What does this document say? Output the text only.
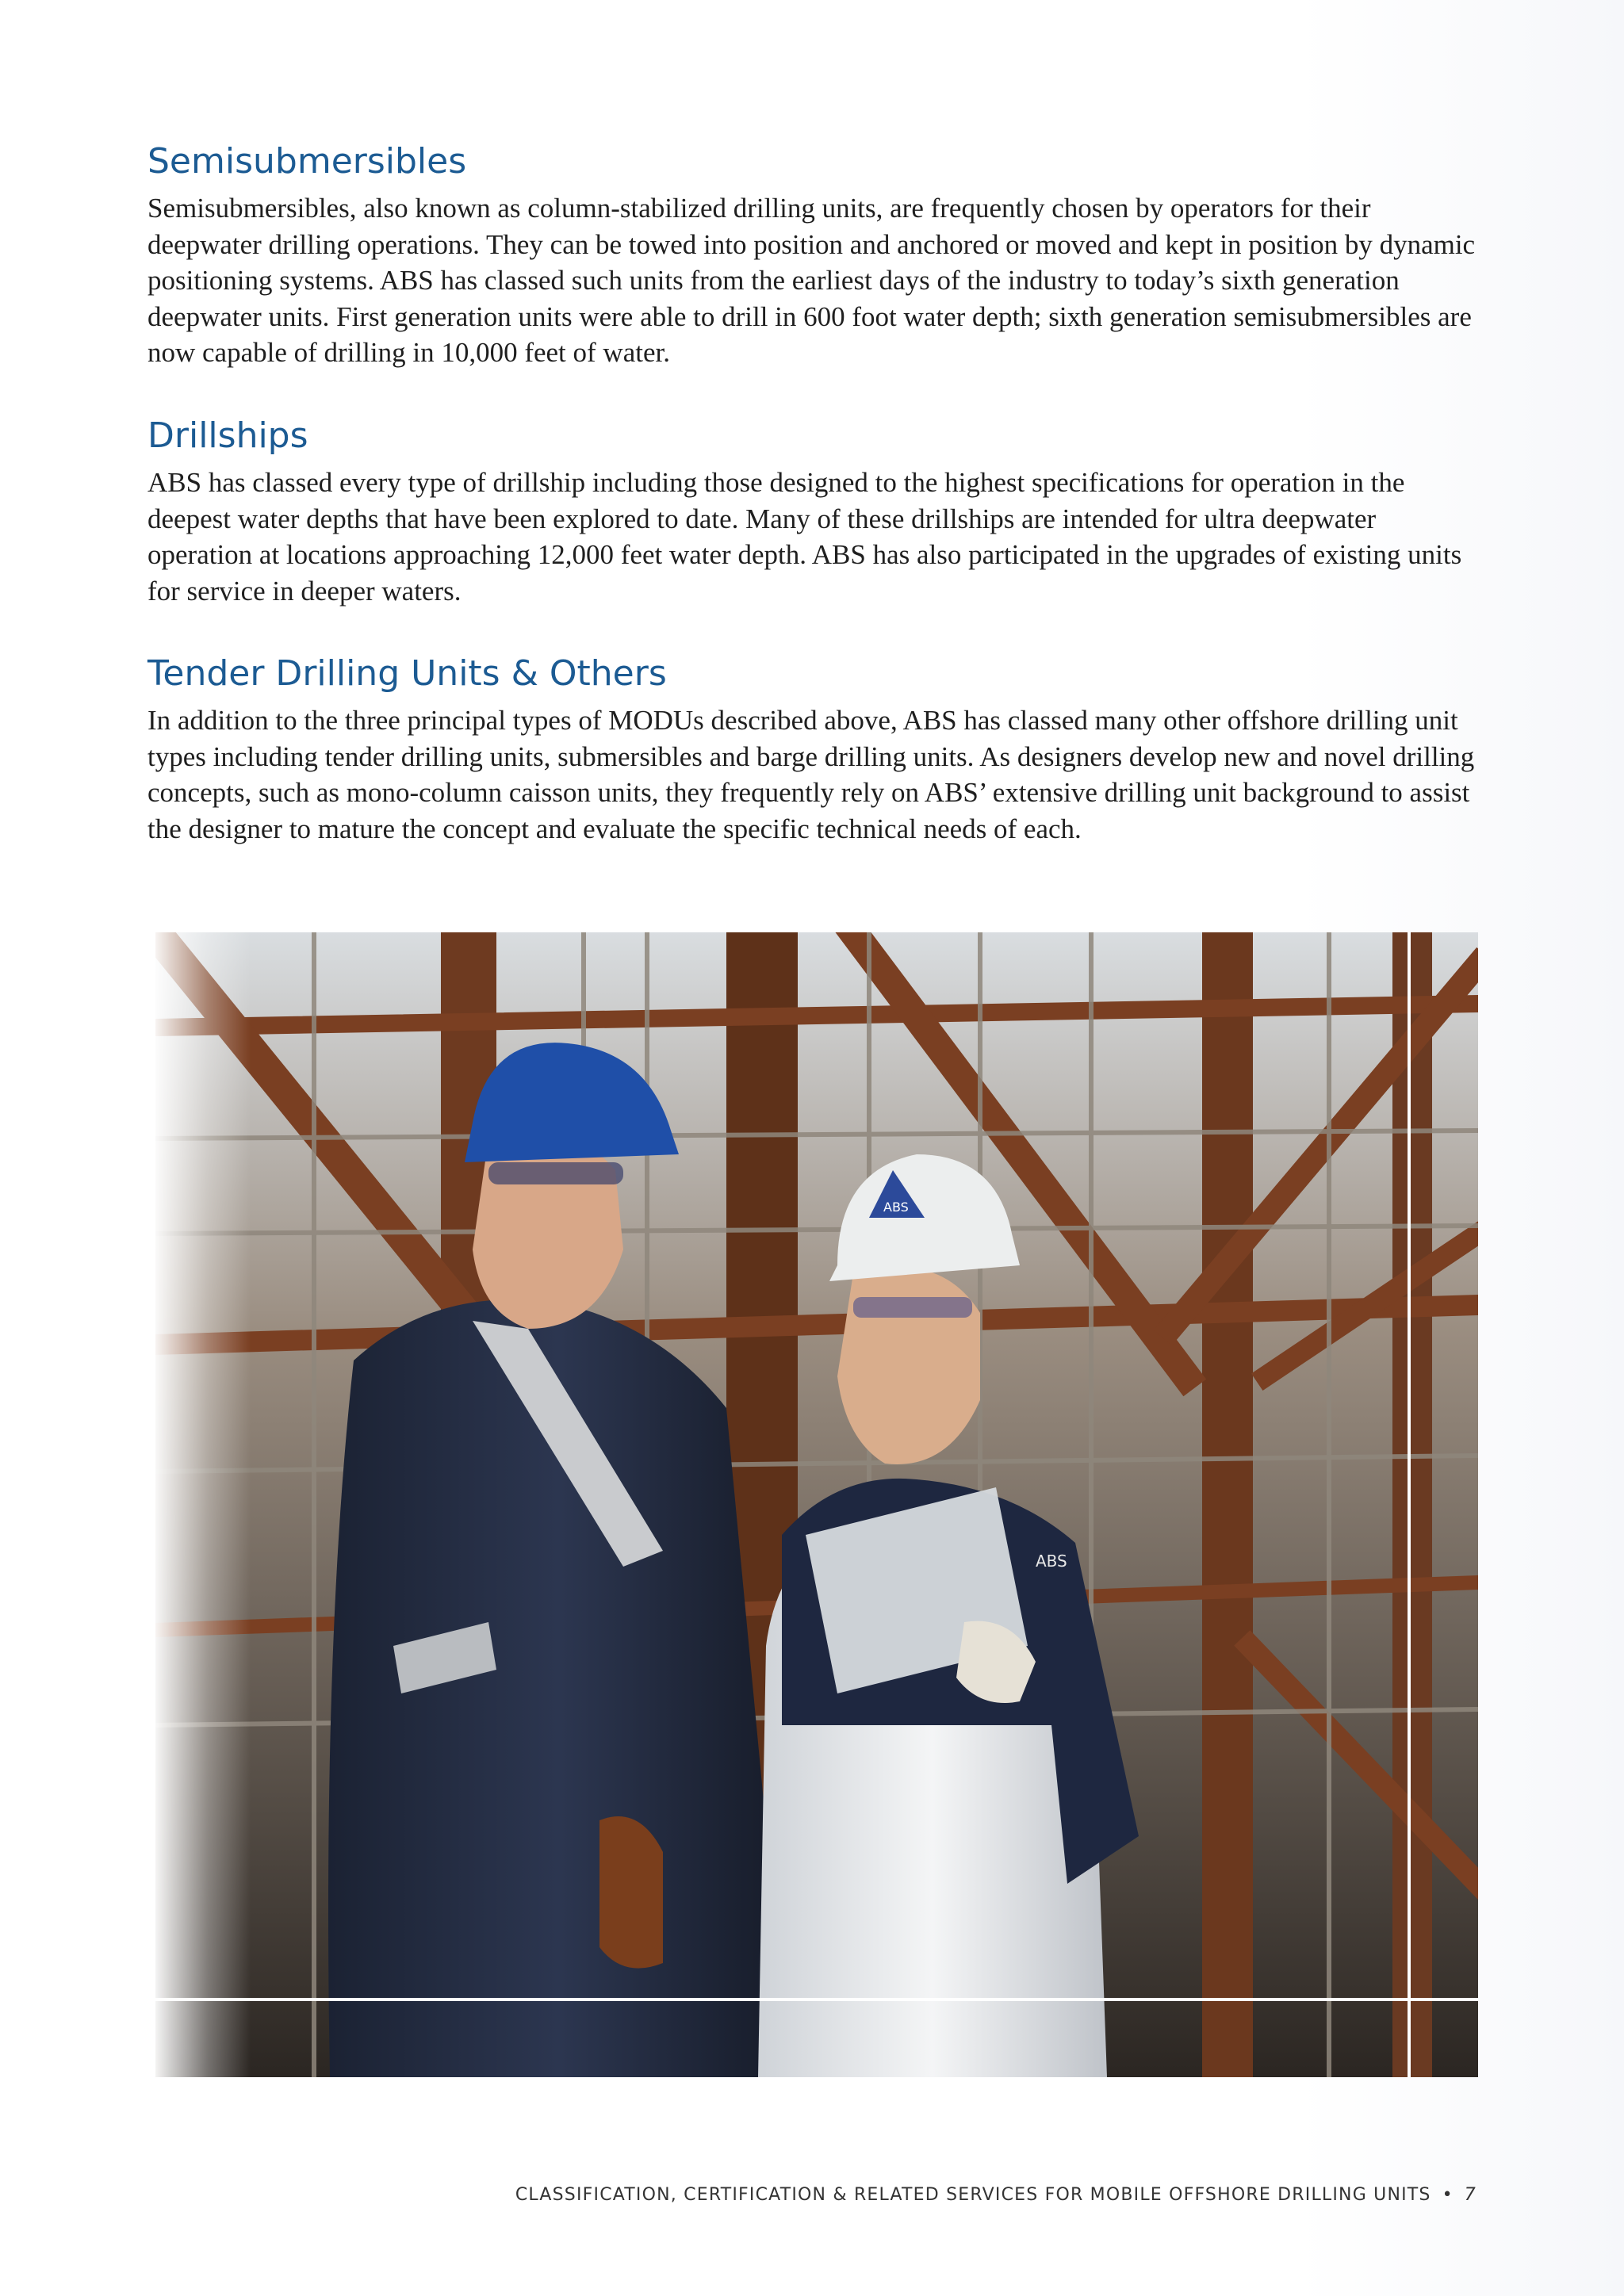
Semisubmersibles

Semisubmersibles, also known as column-stabilized drilling units, are frequently chosen by operators for their deepwater drilling operations. They can be towed into position and anchored or moved and kept in position by dynamic positioning systems. ABS has classed such units from the earliest days of the industry to today’s sixth generation deepwater units. First generation units were able to drill in 600 foot water depth; sixth generation semisubmersibles are now capable of drilling in 10,000 feet of water.

Drillships

ABS has classed every type of drillship including those designed to the highest specifications for operation in the deepest water depths that have been explored to date. Many of these drillships are intended for ultra deepwater operation at locations approaching 12,000 feet water depth. ABS has also participated in the upgrades of existing units for service in deeper waters.

Tender Drilling Units & Others

In addition to the three principal types of MODUs described above, ABS has classed many other offshore drilling unit types including tender drilling units, submersibles and barge drilling units. As designers develop new and novel drilling concepts, such as mono-column caisson units, they frequently rely on ABS’ extensive drilling unit background to assist the designer to mature the concept and evaluate the specific technical needs of each.

ABS
ABS
CLASSIFICATION, CERTIFICATION & RELATED SERVICES FOR MOBILE OFFSHORE DRILLING UNITS • 7
